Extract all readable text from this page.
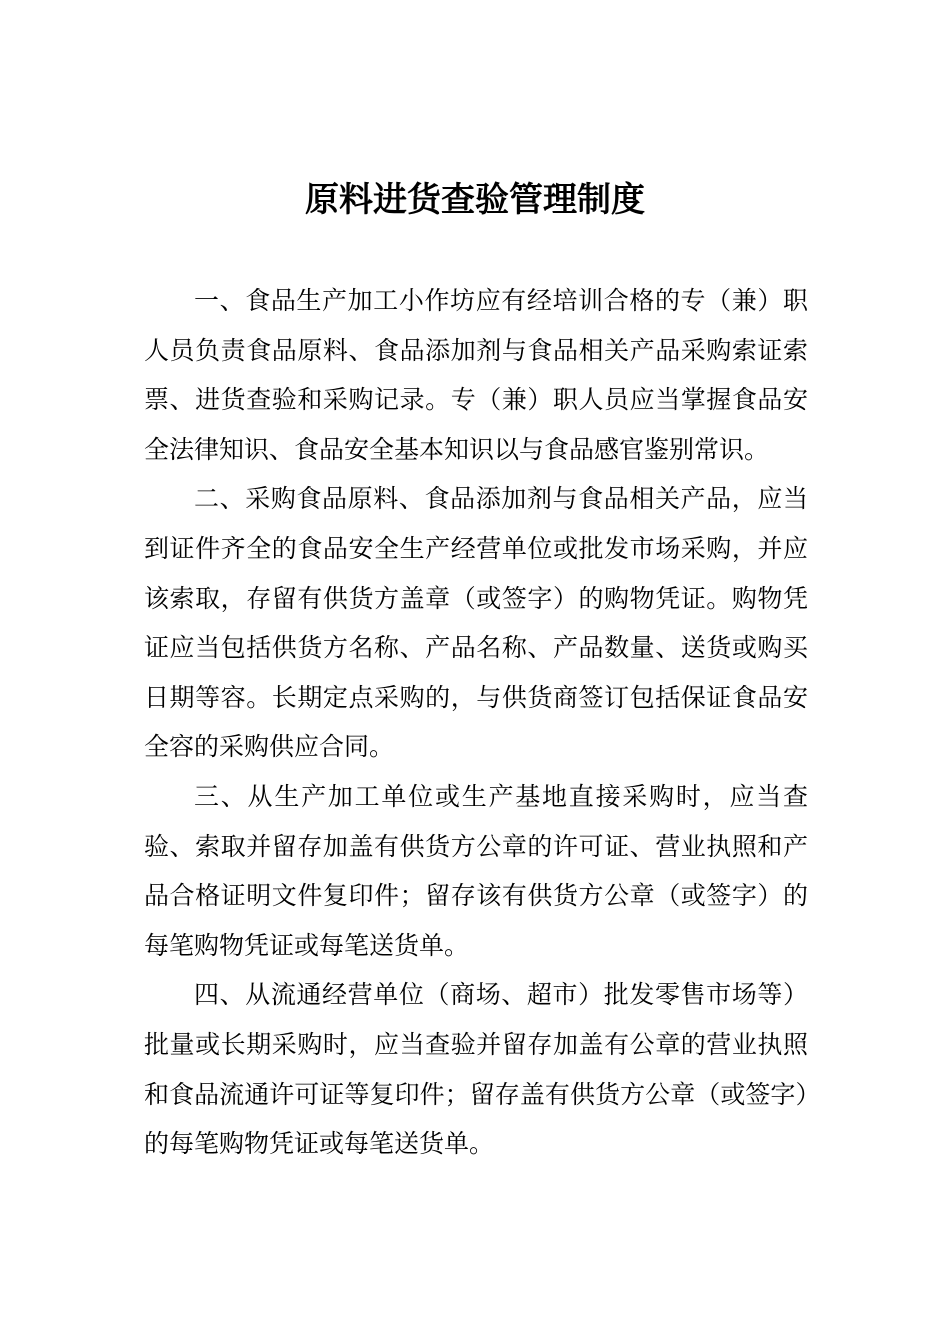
原料进货查验管理制度

一、食品生产加工小作坊应有经培训合格的专（兼）职人员负责食品原料、食品添加剂与食品相关产品采购索证索票、进货查验和采购记录。专（兼）职人员应当掌握食品安全法律知识、食品安全基本知识以与食品感官鉴别常识。

二、采购食品原料、食品添加剂与食品相关产品，应当到证件齐全的食品安全生产经营单位或批发市场采购，并应该索取，存留有供货方盖章（或签字）的购物凭证。购物凭证应当包括供货方名称、产品名称、产品数量、送货或购买日期等容。长期定点采购的，与供货商签订包括保证食品安全容的采购供应合同。

三、从生产加工单位或生产基地直接采购时，应当查验、索取并留存加盖有供货方公章的许可证、营业执照和产品合格证明文件复印件；留存该有供货方公章（或签字）的每笔购物凭证或每笔送货单。

四、从流通经营单位（商场、超市）批发零售市场等）批量或长期采购时，应当查验并留存加盖有公章的营业执照和食品流通许可证等复印件；留存盖有供货方公章（或签字）的每笔购物凭证或每笔送货单。
